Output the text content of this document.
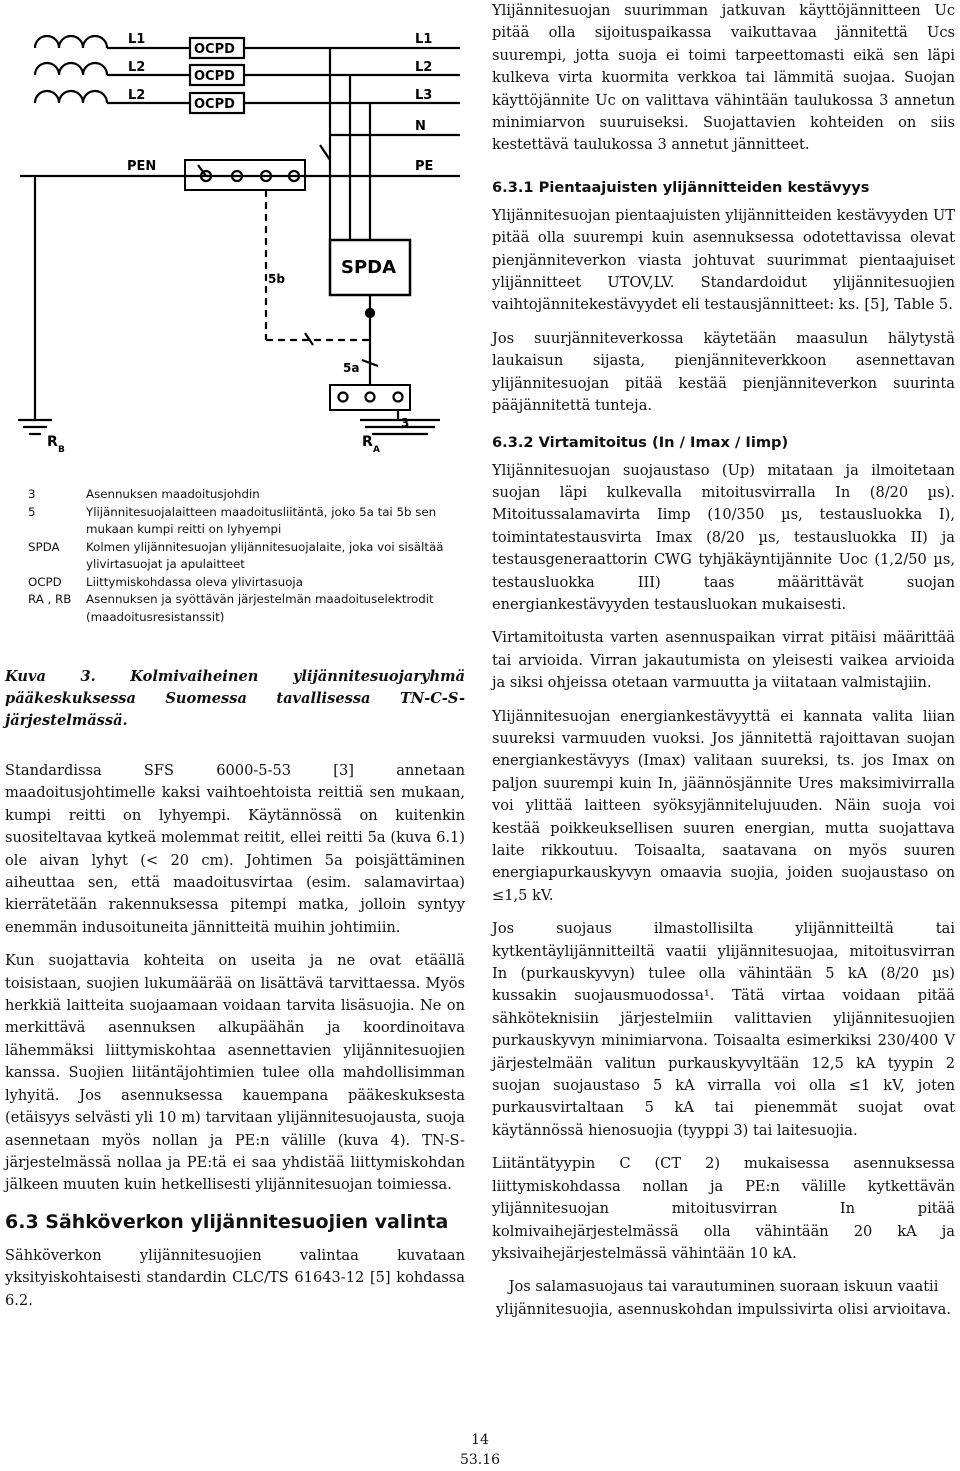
L1
L2
L2
OCPD
OCPD
OCPD
L1
L2
L3
N
PEN	PE
SPDA
5b
5a
3
R B	R A
3	Asennuksen maadoitusjohdin
5	Ylijännitesuojalaitteen maadoitusliitäntä, joko 5a tai 5b sen mukaan kumpi reitti on lyhyempi
SPDA	Kolmen ylijännitesuojan ylijännitesuojalaite, joka voi sisältää ylivirtasuojat ja apulaitteet
OCPD	Liittymiskohdassa oleva ylivirtasuoja
RA , RB	Asennuksen ja syöttävän järjestelmän maadoituselektrodit (maadoitusresistanssit)
Kuva 3. Kolmivaiheinen ylijännitesuojaryhmä pääkeskuksessa Suomessa tavallisessa TN-C-S-järjestelmässä.

Standardissa SFS 6000-5-53 [3] annetaan maadoitusjohtimelle kaksi vaihtoehtoista reittiä sen mukaan, kumpi reitti on lyhyempi. Käytännössä on kuitenkin suositeltavaa kytkeä molemmat reitit, ellei reitti 5a (kuva 6.1) ole aivan lyhyt (< 20 cm). Johtimen 5a poisjättäminen aiheuttaa sen, että maadoitusvirtaa (esim. salamavirtaa) kierrätetään rakennuksessa pitempi matka, jolloin syntyy enemmän indusoituneita jännitteitä muihin johtimiin.

Kun suojattavia kohteita on useita ja ne ovat etäällä toisistaan, suojien lukumäärää on lisättävä tarvittaessa. Myös herkkiä laitteita suojaamaan voidaan tarvita lisäsuojia. Ne on merkittävä asennuksen alkupäähän ja koordinoitava lähemmäksi liittymiskohtaa asennettavien ylijännitesuojien kanssa. Suojien liitäntäjohtimien tulee olla mahdollisimman lyhyitä. Jos asennuksessa kauempana pääkeskuksesta (etäisyys selvästi yli 10 m) tarvitaan ylijännitesuojausta, suoja asennetaan myös nollan ja PE:n välille (kuva 4). TN-S-järjestelmässä nollaa ja PE:tä ei saa yhdistää liittymiskohdan jälkeen muuten kuin hetkellisesti ylijännitesuojan toimiessa.

6.3 Sähköverkon ylijännitesuojien valinta

Sähköverkon ylijännitesuojien valintaa kuvataan yksityiskohtaisesti standardin CLC/TS 61643-12 [5] kohdassa 6.2.

Ylijännitesuojan suurimman jatkuvan käyttöjännitteen Uc pitää olla sijoituspaikassa vaikuttavaa jännitettä Ucs suurempi, jotta suoja ei toimi tarpeettomasti eikä sen läpi kulkeva virta kuormita verkkoa tai lämmitä suojaa. Suojan käyttöjännite Uc on valittava vähintään taulukossa 3 annetun minimiarvon suuruiseksi. Suojattavien kohteiden on siis kestettävä taulukossa 3 annetut jännitteet.

6.3.1 Pientaajuisten ylijännitteiden kestävyys

Ylijännitesuojan pientaajuisten ylijännitteiden kestävyyden UT pitää olla suurempi kuin asennuksessa odotettavissa olevat pienjänniteverkon viasta johtuvat suurimmat pientaajuiset ylijännitteet UTOV,LV. Standardoidut ylijännitesuojien vaihtojännitekestävyydet eli testausjännitteet: ks. [5], Table 5.

Jos suurjänniteverkossa käytetään maasulun hälytystä laukaisun sijasta, pienjänniteverkkoon asennettavan ylijännitesuojan pitää kestää pienjänniteverkon suurinta pääjännitettä tunteja.

6.3.2 Virtamitoitus (In / Imax / Iimp)

Ylijännitesuojan suojaustaso (Up) mitataan ja ilmoitetaan suojan läpi kulkevalla mitoitusvirralla In (8/20 µs). Mitoitussalamavirta Iimp (10/350 µs, testausluokka I), toimintatestausvirta Imax (8/20 µs, testausluokka II) ja testausgeneraattorin CWG tyhjäkäyntijännite Uoc (1,2/50 µs, testausluokka III) taas määrittävät suojan energiankestävyyden testausluokan mukaisesti.

Virtamitoitusta varten asennuspaikan virrat pitäisi määrittää tai arvioida. Virran jakautumista on yleisesti vaikea arvioida ja siksi ohjeissa otetaan varmuutta ja viitataan valmistajiin.

Ylijännitesuojan energiankestävyyttä ei kannata valita liian suureksi varmuuden vuoksi. Jos jännitettä rajoittavan suojan energiankestävyys (Imax) valitaan suureksi, ts. jos Imax on paljon suurempi kuin In, jäännösjännite Ures maksimivirralla voi ylittää laitteen syöksyjännitelujuuden. Näin suoja voi kestää poikkeuksellisen suuren energian, mutta suojattava laite rikkoutuu. Toisaalta, saatavana on myös suuren energiapurkauskyvyn omaavia suojia, joiden suojaustaso on ≤1,5 kV.

Jos suojaus ilmastollisilta ylijännitteiltä tai kytkentäylijännitteiltä vaatii ylijännitesuojaa, mitoitusvirran In (purkauskyvyn) tulee olla vähintään 5 kA (8/20 µs) kussakin suojausmuodossa¹. Tätä virtaa voidaan pitää sähköteknisiin järjestelmiin valittavien ylijännitesuojien purkauskyvyn minimiarvona. Toisaalta esimerkiksi 230/400 V järjestelmään valitun purkauskyvyltään 12,5 kA tyypin 2 suojan suojaustaso 5 kA virralla voi olla ≤1 kV, joten purkausvirtaltaan 5 kA tai pienemmät suojat ovat käytännössä hienosuojia (tyyppi 3) tai laitesuojia.

Liitäntätyypin C (CT 2) mukaisessa asennuksessa liittymiskohdassa nollan ja PE:n välille kytkettävän ylijännitesuojan mitoitusvirran In pitää kolmivaihejärjestelmässä olla vähintään 20 kA ja yksivaihejärjestelmässä vähintään 10 kA.

Jos salamasuojaus tai varautuminen suoraan iskuun vaatii ylijännitesuojia, asennuskohdan impulssivirta olisi arvioitava.

14
53.16
